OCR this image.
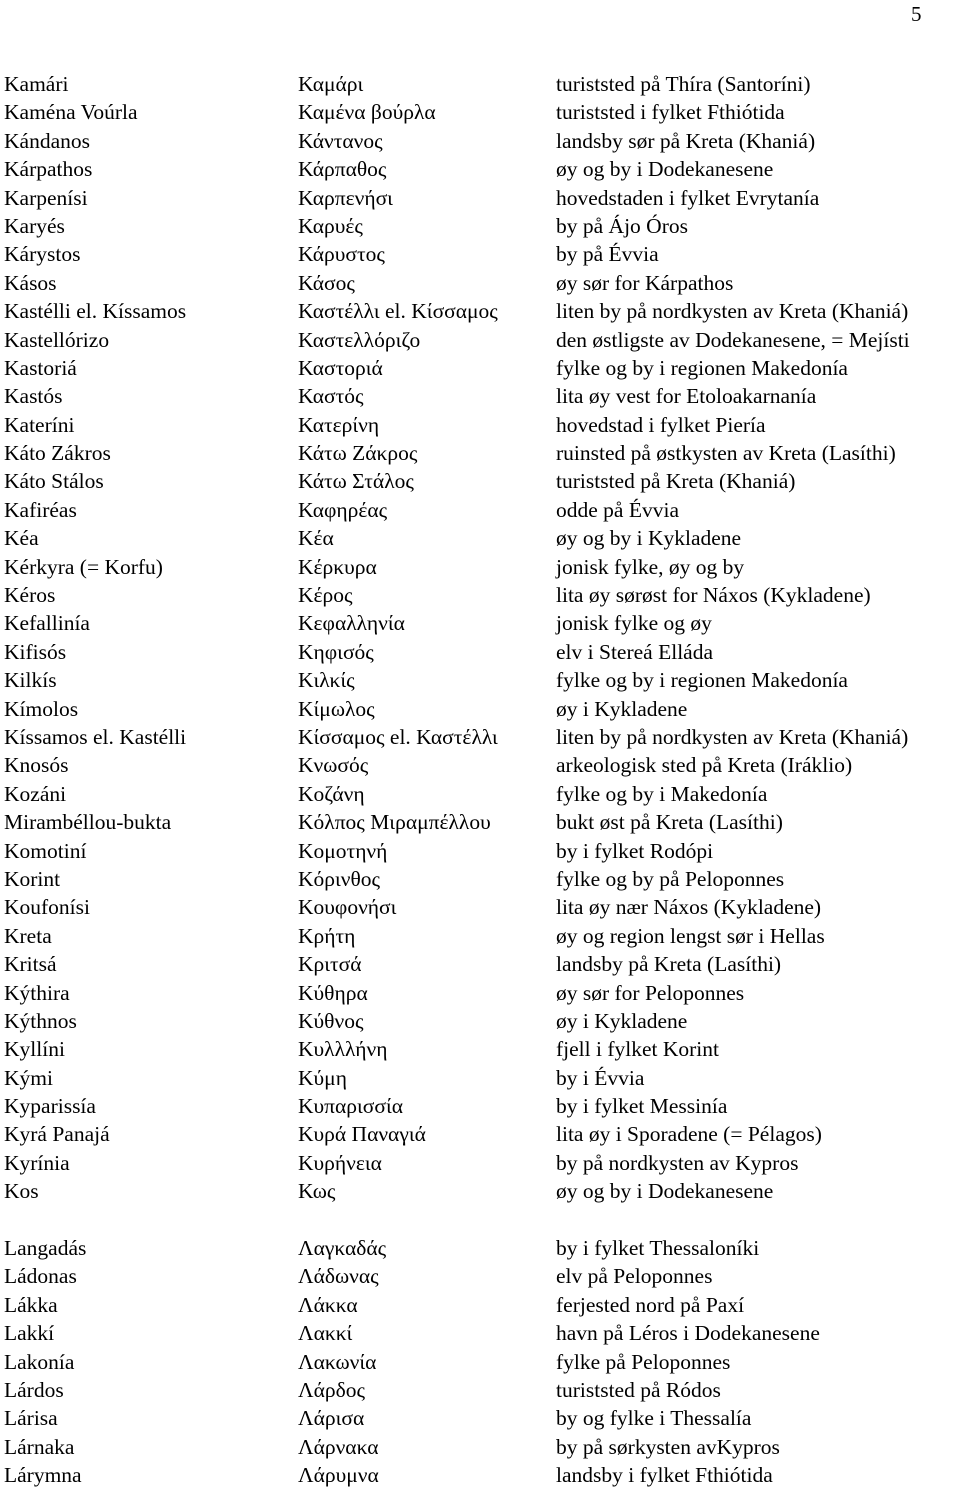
5
Kamári	Καμάρι	turiststed på Thíra (Santoríni)
Kaména Voúrla	Καμένα βούρλα	turiststed i fylket Fthiótida
Kándanos	Κάντανος	landsby sør på Kreta (Khaniá)
Kárpathos	Κάρπαθος	øy og by i Dodekanesene
Karpenísi	Καρπενήσι	hovedstaden i fylket Evrytanía
Karyés	Καρυές	by på Ájo Óros
Kárystos	Κάρυστος	by på Évvia
Kásos	Κάσος	øy sør for Kárpathos
Kastélli el. Kíssamos	Καστέλλι el. Κίσσαμος	liten by på nordkysten av Kreta (Khaniá)
Kastellórizo	Καστελλόριζο	den østligste av Dodekanesene, = Mejísti
Kastoriá	Καστοριά	fylke og by i regionen Makedonía
Kastós	Καστός	lita øy vest for Etoloakarnanía
Kateríni	Κατερίνη	hovedstad i fylket Piería
Káto Zákros	Κάτω Ζάκρος	ruinsted på østkysten av Kreta (Lasíthi)
Káto Stálos	Κάτω Στάλος	turiststed på Kreta (Khaniá)
Kafiréas	Καφηρέας	odde på Évvia
Kéa	Κέα	øy og by i Kykladene
Kérkyra (= Korfu)	Κέρκυρα	jonisk fylke, øy og by
Kéros	Κέρος	lita øy sørøst for Náxos (Kykladene)
Kefallinía	Κεφαλληνία	jonisk fylke og øy
Kifisós	Κηφισός	elv i Stereá Elláda
Kilkís	Κιλκίς	fylke og by i regionen Makedonía
Kímolos	Κίμωλος	øy i Kykladene
Kíssamos el. Kastélli	Κίσσαμος el. Καστέλλι	liten by på nordkysten av Kreta (Khaniá)
Knosós	Κνωσός	arkeologisk sted på Kreta (Iráklio)
Kozáni	Κοζάνη	fylke og by i Makedonía
Mirambéllou-bukta	Κόλπος Μιραμπέλλου	bukt øst på Kreta (Lasíthi)
Komotiní	Κομοτηνή	by i fylket Rodópi
Korint	Κόρινθος	fylke og by på Peloponnes
Koufonísi	Κουφονήσι	lita øy nær Náxos (Kykladene)
Kreta	Κρήτη	øy og region lengst sør i Hellas
Kritsá	Κριτσά	landsby på Kreta (Lasíthi)
Kýthira	Κύθηρα	øy sør for Peloponnes
Kýthnos	Κύθνος	øy i Kykladene
Kyllíni	Κυλλλήνη	fjell i fylket Korint
Kými	Κύμη	by i Évvia
Kyparissía	Κυπαρισσία	by i fylket Messinía
Kyrá Panajá	Κυρά Παναγιά	lita øy i Sporadene (= Pélagos)
Kyrínia	Κυρήνεια	by på nordkysten av Kypros
Kos	Κως	øy og by i Dodekanesene
Langadás	Λαγκαδάς	by i fylket Thessaloníki
Ládonas	Λάδωνας	elv på Peloponnes
Lákka	Λάκκα	ferjested nord på Paxí
Lakkí	Λακκί	havn på Léros i Dodekanesene
Lakonía	Λακωνία	fylke på Peloponnes
Lárdos	Λάρδος	turiststed på Ródos
Lárisa	Λάρισα	by og fylke i Thessalía
Lárnaka	Λάρνακα	by på sørkysten avKypros
Lárymna	Λάρυμνα	landsby i fylket Fthiótida
